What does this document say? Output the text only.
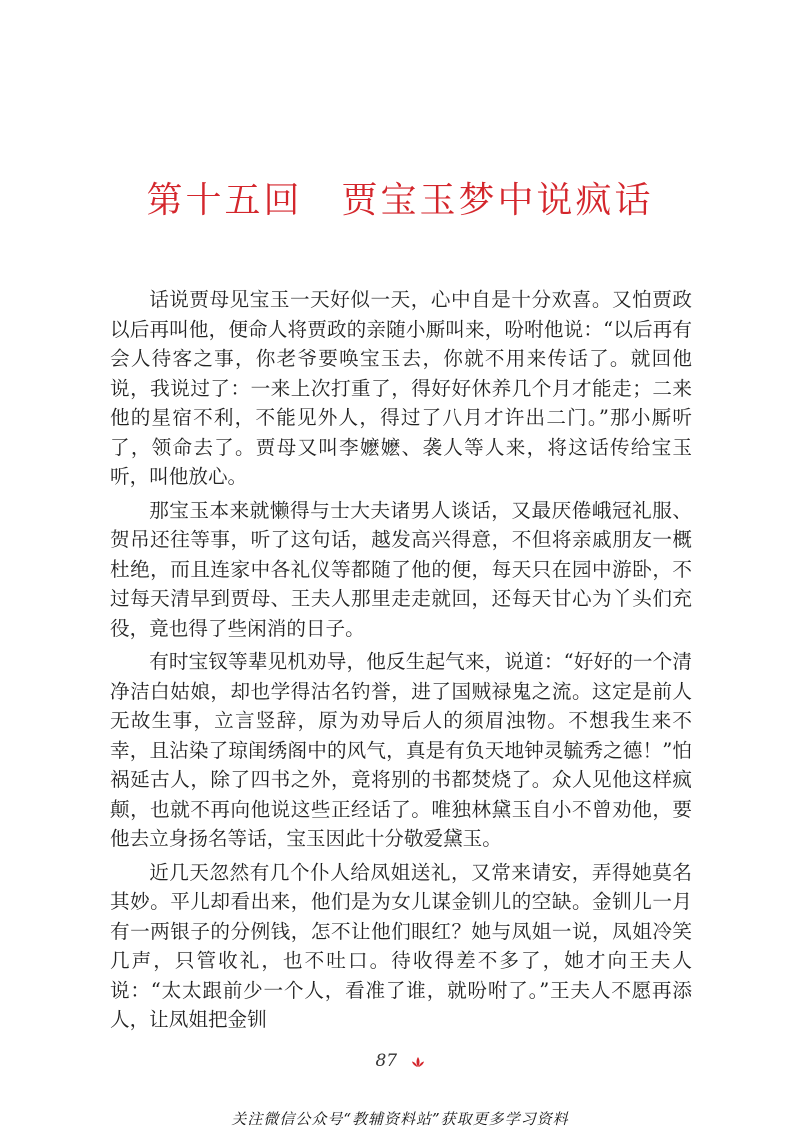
第十五回　贾宝玉梦中说疯话

话说贾母见宝玉一天好似一天，心中自是十分欢喜。又怕贾政以后再叫他，便命人将贾政的亲随小厮叫来，吩咐他说：“以后再有会人待客之事，你老爷要唤宝玉去，你就不用来传话了。就回他说，我说过了：一来上次打重了，得好好休养几个月才能走；二来他的星宿不利，不能见外人，得过了八月才许出二门。”那小厮听了，领命去了。贾母又叫李嬷嬷、袭人等人来，将这话传给宝玉听，叫他放心。

那宝玉本来就懒得与士大夫诸男人谈话，又最厌倦峨冠礼服、贺吊还往等事，听了这句话，越发高兴得意，不但将亲戚朋友一概杜绝，而且连家中各礼仪等都随了他的便，每天只在园中游卧，不过每天清早到贾母、王夫人那里走走就回，还每天甘心为丫头们充役，竟也得了些闲消的日子。

有时宝钗等辈见机劝导，他反生起气来，说道：“好好的一个清净洁白姑娘，却也学得沽名钓誉，进了国贼禄鬼之流。这定是前人无故生事，立言竖辞，原为劝导后人的须眉浊物。不想我生来不幸，且沾染了琼闺绣阁中的风气，真是有负天地钟灵毓秀之德！”怕祸延古人，除了四书之外，竟将别的书都焚烧了。众人见他这样疯颠，也就不再向他说这些正经话了。唯独林黛玉自小不曾劝他，要他去立身扬名等话，宝玉因此十分敬爱黛玉。

近几天忽然有几个仆人给凤姐送礼，又常来请安，弄得她莫名其妙。平儿却看出来，他们是为女儿谋金钏儿的空缺。金钏儿一月有一两银子的分例钱，怎不让他们眼红？她与凤姐一说，凤姐冷笑几声，只管收礼，也不吐口。待收得差不多了，她才向王夫人说：“太太跟前少一个人，看准了谁，就吩咐了。”王夫人不愿再添人，让凤姐把金钏

87
关注微信公众号“教辅资料站”获取更多学习资料
